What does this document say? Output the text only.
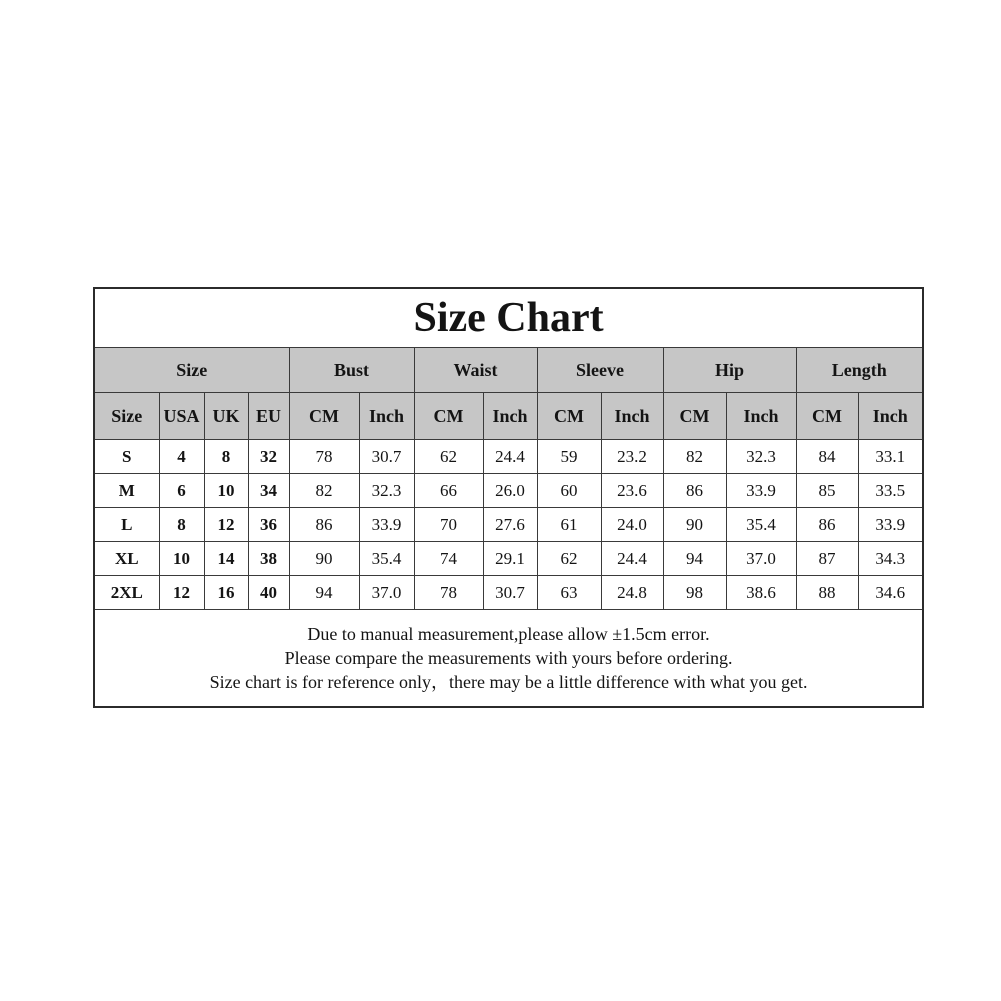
Size Chart													
Size				Bust		Waist		Sleeve		Hip		Length	
Size	USA	UK	EU	CM	Inch	CM	Inch	CM	Inch	CM	Inch	CM	Inch
S	4	8	32	78	30.7	62	24.4	59	23.2	82	32.3	84	33.1
M	6	10	34	82	32.3	66	26.0	60	23.6	86	33.9	85	33.5
L	8	12	36	86	33.9	70	27.6	61	24.0	90	35.4	86	33.9
XL	10	14	38	90	35.4	74	29.1	62	24.4	94	37.0	87	34.3
2XL	12	16	40	94	37.0	78	30.7	63	24.8	98	38.6	88	34.6

Due to manual measurement,please allow ±1.5cm error.
Please compare the measurements with yours before ordering.
Size chart is for reference only，there may be a little difference with what you get.													
